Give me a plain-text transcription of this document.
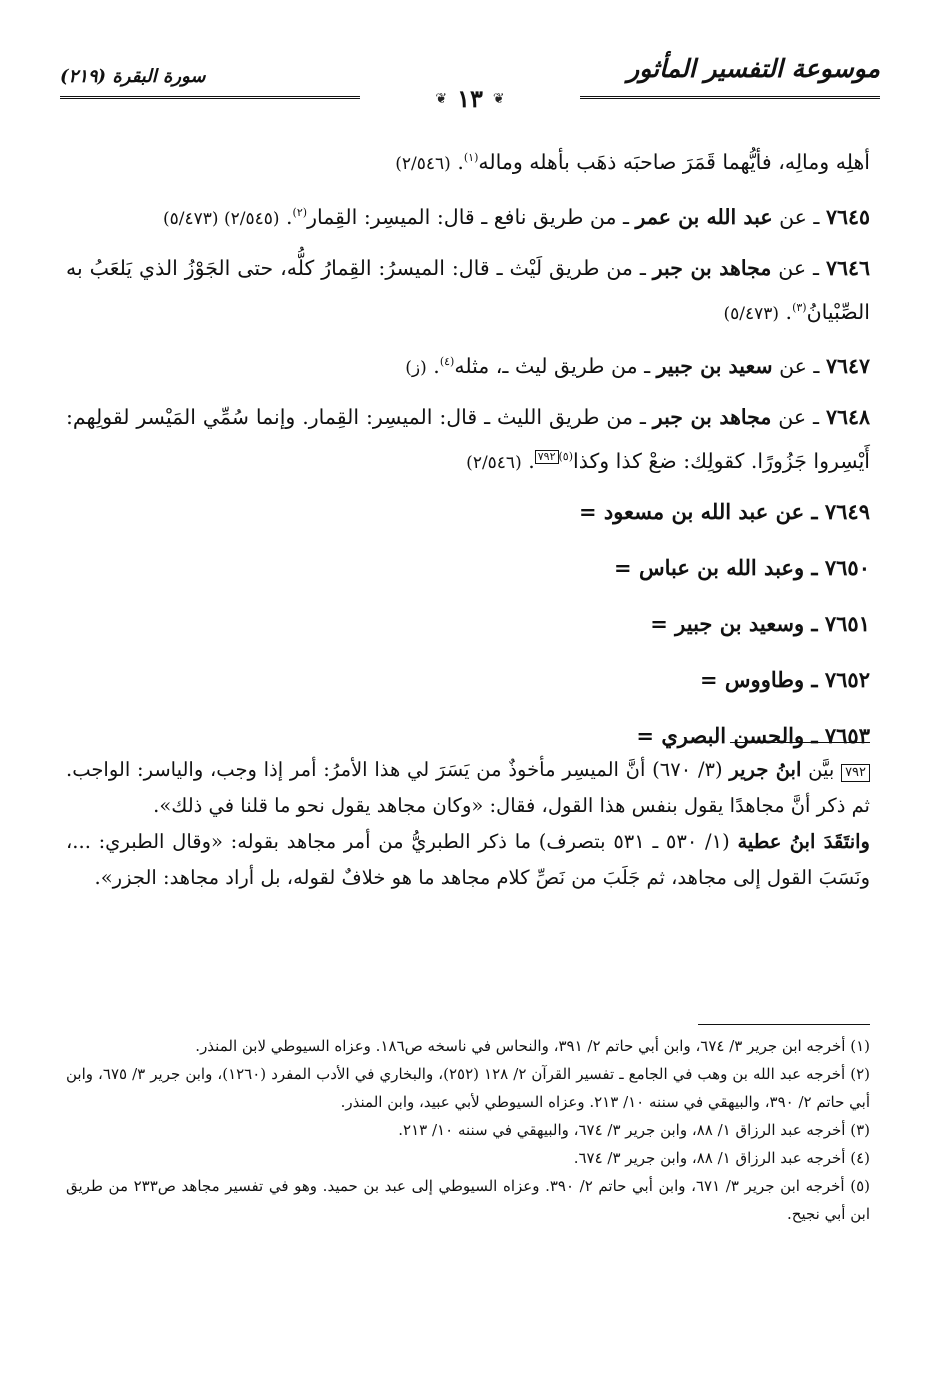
موسوعة التفسير المأثور
سورة البقرة (٢١٩)
❦ ١٣ ❦

أهلِه ومالِه، فأيُّهما قَمَرَ صاحبَه ذهَب بأهله وماله$^{(١)}$. (٢/٥٤٦)

٧٦٤٥ ـ عن عبد الله بن عمر ـ من طريق نافع ـ قال: الميسِر: القِمار$^{(٢)}$. (٢/٥٤٥) (٥/٤٧٣)

٧٦٤٦ ـ عن مجاهد بن جبر ـ من طريق لَيْث ـ قال: الميسرُ: القِمارُ كلُّه، حتى الجَوْزُ الذي يَلعَبُ به الصِّبْيانُ$^{(٣)}$. (٥/٤٧٣)

٧٦٤٧ ـ عن سعيد بن جبير ـ من طريق ليث ـ، مثله$^{(٤)}$. (ز)

٧٦٤٨ ـ عن مجاهد بن جبر ـ من طريق الليث ـ قال: الميسِر: القِمار. وإنما سُمِّي المَيْسر لقولِهم: أَيْسِروا جَزُورًا. كقولِك: ضعْ كذا وكذا$^{(٥)}$٧٩٢. (٢/٥٤٦)

٧٦٤٩ ـ عن عبد الله بن مسعود =

٧٦٥٠ ـ وعبد الله بن عباس =

٧٦٥١ ـ وسعيد بن جبير =

٧٦٥٢ ـ وطاووس =

٧٦٥٣ ـ والحسن البصري =

٧٩٢ بيَّن ابنُ جرير (٣/ ٦٧٠) أنَّ الميسِر مأخوذٌ من يَسَرَ لي هذا الأمرُ: أمر إذا وجب، والياسر: الواجب. ثم ذكر أنَّ مجاهدًا يقول بنفس هذا القول، فقال: «وكان مجاهد يقول نحو ما قلنا في ذلك».

وانتَقَدَ ابنُ عطية (١/ ٥٣٠ ـ ٥٣١ بتصرف) ما ذكر الطبريُّ من أمر مجاهد بقوله: «وقال الطبري: ...، ونَسَبَ القول إلى مجاهد، ثم جَلَبَ من نَصِّ كلام مجاهد ما هو خلافٌ لقوله، بل أراد مجاهد: الجزر».

(١) أخرجه ابن جرير ٣/ ٦٧٤، وابن أبي حاتم ٢/ ٣٩١، والنحاس في ناسخه ص١٨٦. وعزاه السيوطي لابن المنذر.

(٢) أخرجه عبد الله بن وهب في الجامع ـ تفسير القرآن ٢/ ١٢٨ (٢٥٢)، والبخاري في الأدب المفرد (١٢٦٠)، وابن جرير ٣/ ٦٧٥، وابن أبي حاتم ٢/ ٣٩٠، والبيهقي في سننه ١٠/ ٢١٣. وعزاه السيوطي لأبي عبيد، وابن المنذر.

(٣) أخرجه عبد الرزاق ١/ ٨٨، وابن جرير ٣/ ٦٧٤، والبيهقي في سننه ١٠/ ٢١٣.

(٤) أخرجه عبد الرزاق ١/ ٨٨، وابن جرير ٣/ ٦٧٤.

(٥) أخرجه ابن جرير ٣/ ٦٧١، وابن أبي حاتم ٢/ ٣٩٠. وعزاه السيوطي إلى عبد بن حميد. وهو في تفسير مجاهد ص٢٣٣ من طريق ابن أبي نجيح.
